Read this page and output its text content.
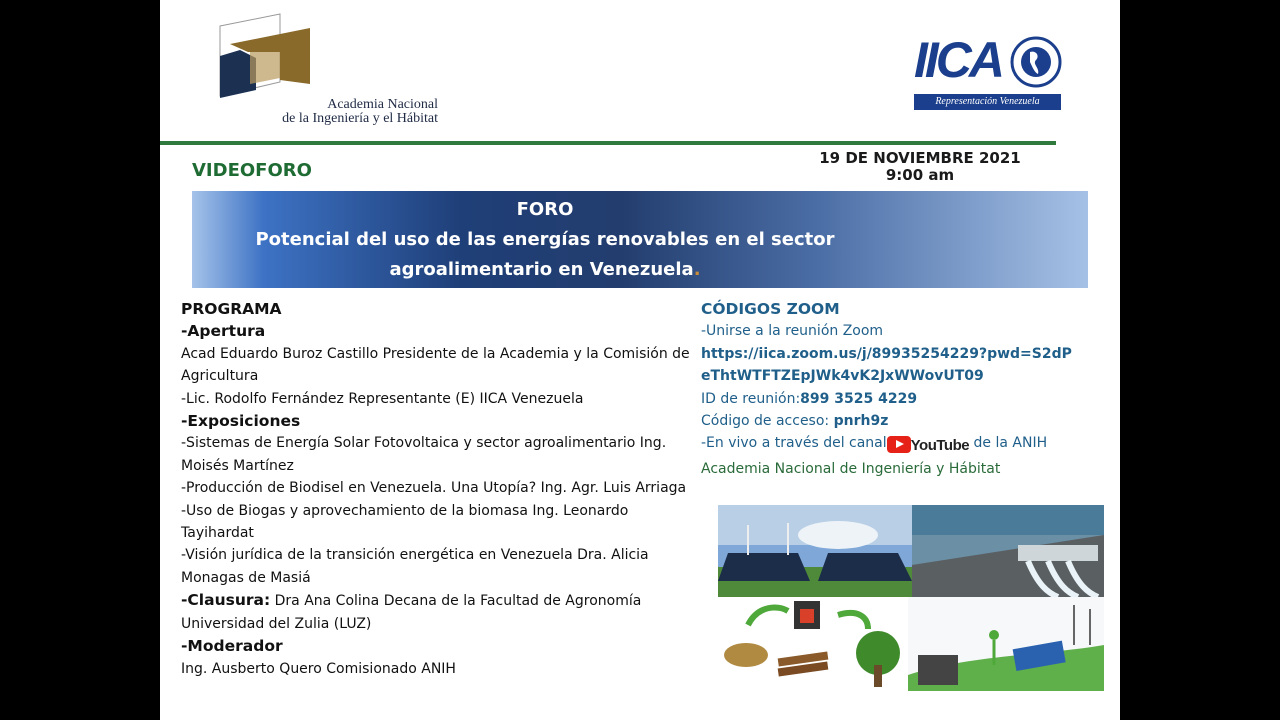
Academia Nacional
de la Ingeniería y el Hábitat
IICA
Representación Venezuela
VIDEOFORO
19 DE NOVIEMBRE 2021
9:00 am
FORO
Potencial del uso de las energías renovables en el sector
agroalimentario en Venezuela.
PROGRAMA
-Apertura
Acad Eduardo Buroz Castillo Presidente de la Academia y la Comisión de Agricultura
-Lic. Rodolfo Fernández Representante (E) IICA Venezuela
-Exposiciones
-Sistemas de Energía Solar Fotovoltaica y sector agroalimentario Ing. Moisés Martínez
-Producción de Biodisel en Venezuela. Una Utopía? Ing. Agr. Luis Arriaga
-Uso de Biogas y aprovechamiento de la biomasa Ing. Leonardo Tayihardat
-Visión jurídica de la transición energética en Venezuela Dra. Alicia Monagas de Masiá
-Clausura: Dra Ana Colina Decana de la Facultad de Agronomía Universidad del Zulia (LUZ)
-Moderador
Ing. Ausberto Quero Comisionado ANIH
CÓDIGOS ZOOM
-Unirse a la reunión Zoom
https://iica.zoom.us/j/89935254229?pwd=S2dPeThtWTFTZEpJWk4vK2JxWWovUT09
ID de reunión:899 3525 4229
Código de acceso: pnrh9z
-En vivo a través del canal YouTube de la ANIH
Academia Nacional de Ingeniería y Hábitat
